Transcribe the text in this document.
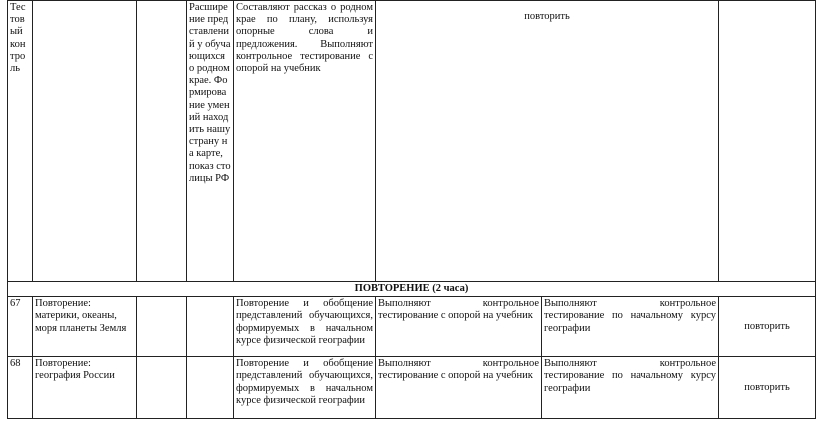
Тестовый контроль			Расширение представлений у обучающихся о родном крае. Формирование умений находить нашу страну на карте, показ столицы РФ	Составляют рассказ о родном крае по плану, используя опорные слова и предложения. Выполняют контрольное тестирование с опорой на учебник	повторить		
ПОВТОРЕНИЕ (2 часа)							
67	Повторение: материки, океаны, моря планеты Земля			Повторение и обобщение представлений обучающихся, формируемых в начальном курсе физической географии	Выполняют контрольное тестирование с опорой на учебник	Выполняют контрольное тестирование по начальному курсу географии	повторить
68	Повторение: география России			Повторение и обобщение представлений обучающихся, формируемых в начальном курсе физической географии	Выполняют контрольное тестирование с опорой на учебник	Выполняют контрольное тестирование по начальному курсу географии	повторить
